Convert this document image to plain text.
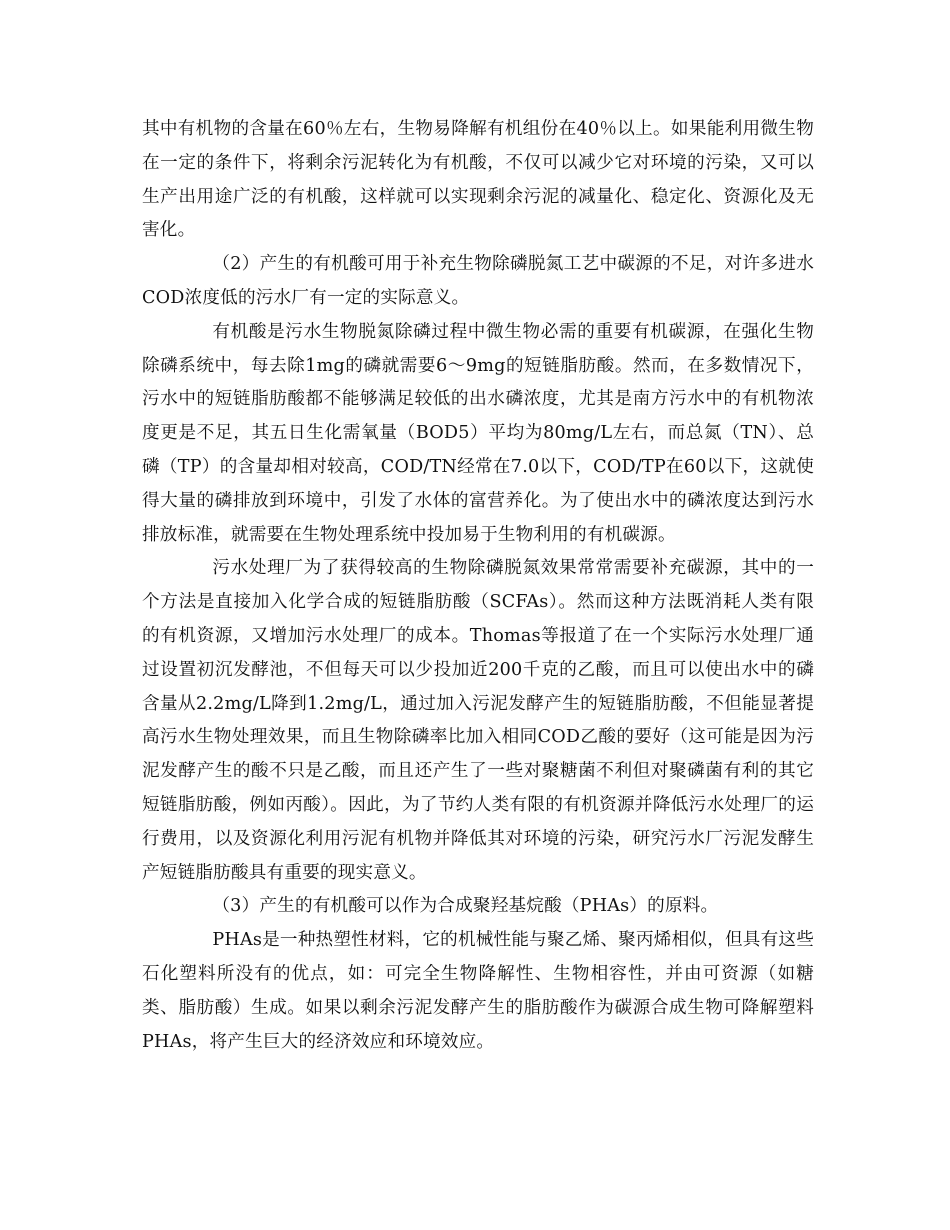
其中有机物的含量在60％左右，生物易降解有机组份在40％以上。如果能利用微生物在一定的条件下，将剩余污泥转化为有机酸，不仅可以减少它对环境的污染，又可以生产出用途广泛的有机酸，这样就可以实现剩余污泥的减量化、稳定化、资源化及无害化。

（2）产生的有机酸可用于补充生物除磷脱氮工艺中碳源的不足，对许多进水COD浓度低的污水厂有一定的实际意义。

有机酸是污水生物脱氮除磷过程中微生物必需的重要有机碳源，在强化生物除磷系统中，每去除1mg的磷就需要6～9mg的短链脂肪酸。然而，在多数情况下，污水中的短链脂肪酸都不能够满足较低的出水磷浓度，尤其是南方污水中的有机物浓度更是不足，其五日生化需氧量（BOD5）平均为80mg/L左右，而总氮（TN）、总磷（TP）的含量却相对较高，COD/TN经常在7.0以下，COD/TP在60以下，这就使得大量的磷排放到环境中，引发了水体的富营养化。为了使出水中的磷浓度达到污水排放标准，就需要在生物处理系统中投加易于生物利用的有机碳源。

污水处理厂为了获得较高的生物除磷脱氮效果常常需要补充碳源，其中的一个方法是直接加入化学合成的短链脂肪酸（SCFAs）。然而这种方法既消耗人类有限的有机资源，又增加污水处理厂的成本。Thomas等报道了在一个实际污水处理厂通过设置初沉发酵池，不但每天可以少投加近200千克的乙酸，而且可以使出水中的磷含量从2.2mg/L降到1.2mg/L，通过加入污泥发酵产生的短链脂肪酸，不但能显著提高污水生物处理效果，而且生物除磷率比加入相同COD乙酸的要好（这可能是因为污泥发酵产生的酸不只是乙酸，而且还产生了一些对聚糖菌不利但对聚磷菌有利的其它短链脂肪酸，例如丙酸）。因此，为了节约人类有限的有机资源并降低污水处理厂的运行费用，以及资源化利用污泥有机物并降低其对环境的污染，研究污水厂污泥发酵生产短链脂肪酸具有重要的现实意义。

（3）产生的有机酸可以作为合成聚羟基烷酸（PHAs）的原料。

PHAs是一种热塑性材料，它的机械性能与聚乙烯、聚丙烯相似，但具有这些石化塑料所没有的优点，如：可完全生物降解性、生物相容性，并由可资源（如糖类、脂肪酸）生成。如果以剩余污泥发酵产生的脂肪酸作为碳源合成生物可降解塑料PHAs，将产生巨大的经济效应和环境效应。
